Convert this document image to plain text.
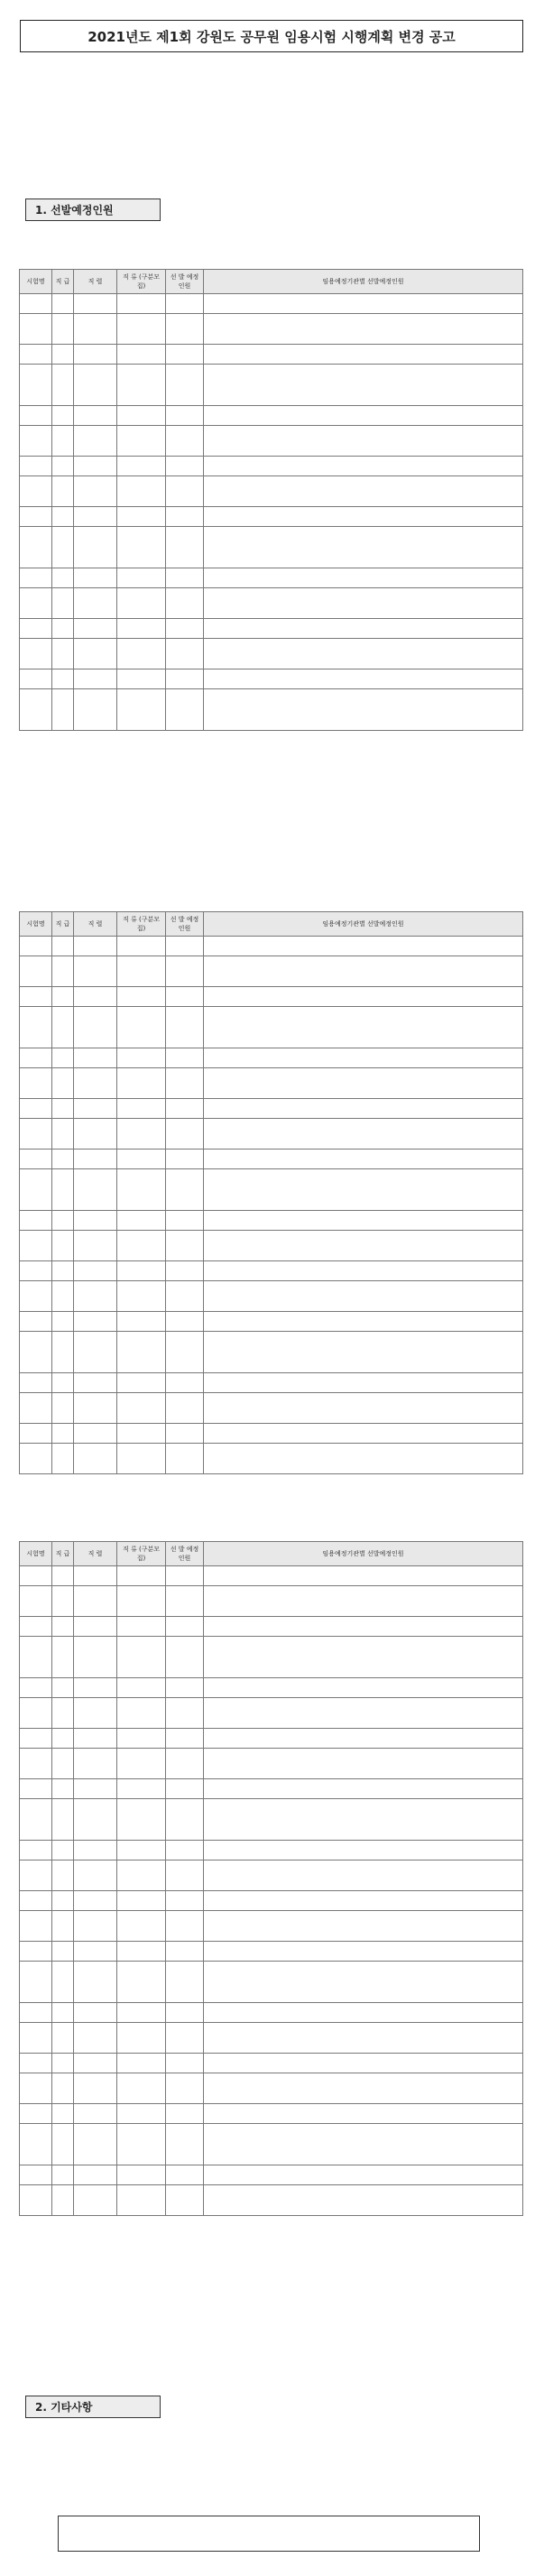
2021년도 제1회 강원도 공무원 임용시험 시행계획 변경 공고
1. 선발예정인원
시험명	직 급	직 렬	직 류 (구분모집)	선 발 예정인원	임용예정기관별 선발예정인원

시험명	직 급	직 렬	직 류 (구분모집)	선 발 예정인원	임용예정기관별 선발예정인원

시험명	직 급	직 렬	직 류 (구분모집)	선 발 예정인원	임용예정기관별 선발예정인원

2. 기타사항
